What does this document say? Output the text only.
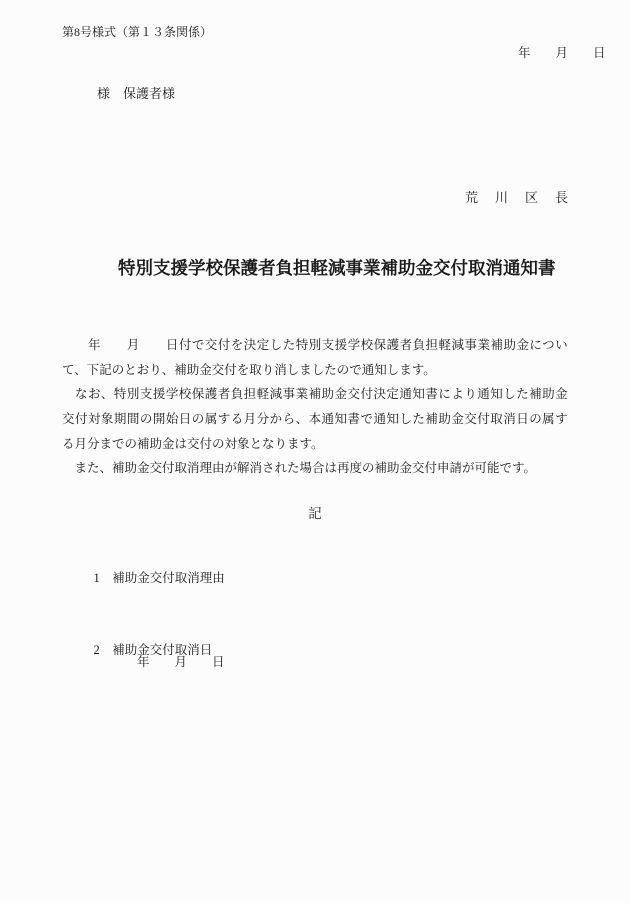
第8号様式（第１３条関係）
年　　月　　日
様　保護者様
荒　川　区　長
特別支援学校保護者負担軽減事業補助金交付取消通知書
　　年　　月　　日付で交付を決定した特別支援学校保護者負担軽減事業補助金につい
て、下記のとおり、補助金交付を取り消しましたので通知します。
　なお、特別支援学校保護者負担軽減事業補助金交付決定通知書により通知した補助金
交付対象期間の開始日の属する月分から、本通知書で通知した補助金交付取消日の属す
る月分までの補助金は交付の対象となります。
　また、補助金交付取消理由が解消された場合は再度の補助金交付申請が可能です。
記

1 補助金交付取消理由

2 補助金交付取消日

年　　月　　日
